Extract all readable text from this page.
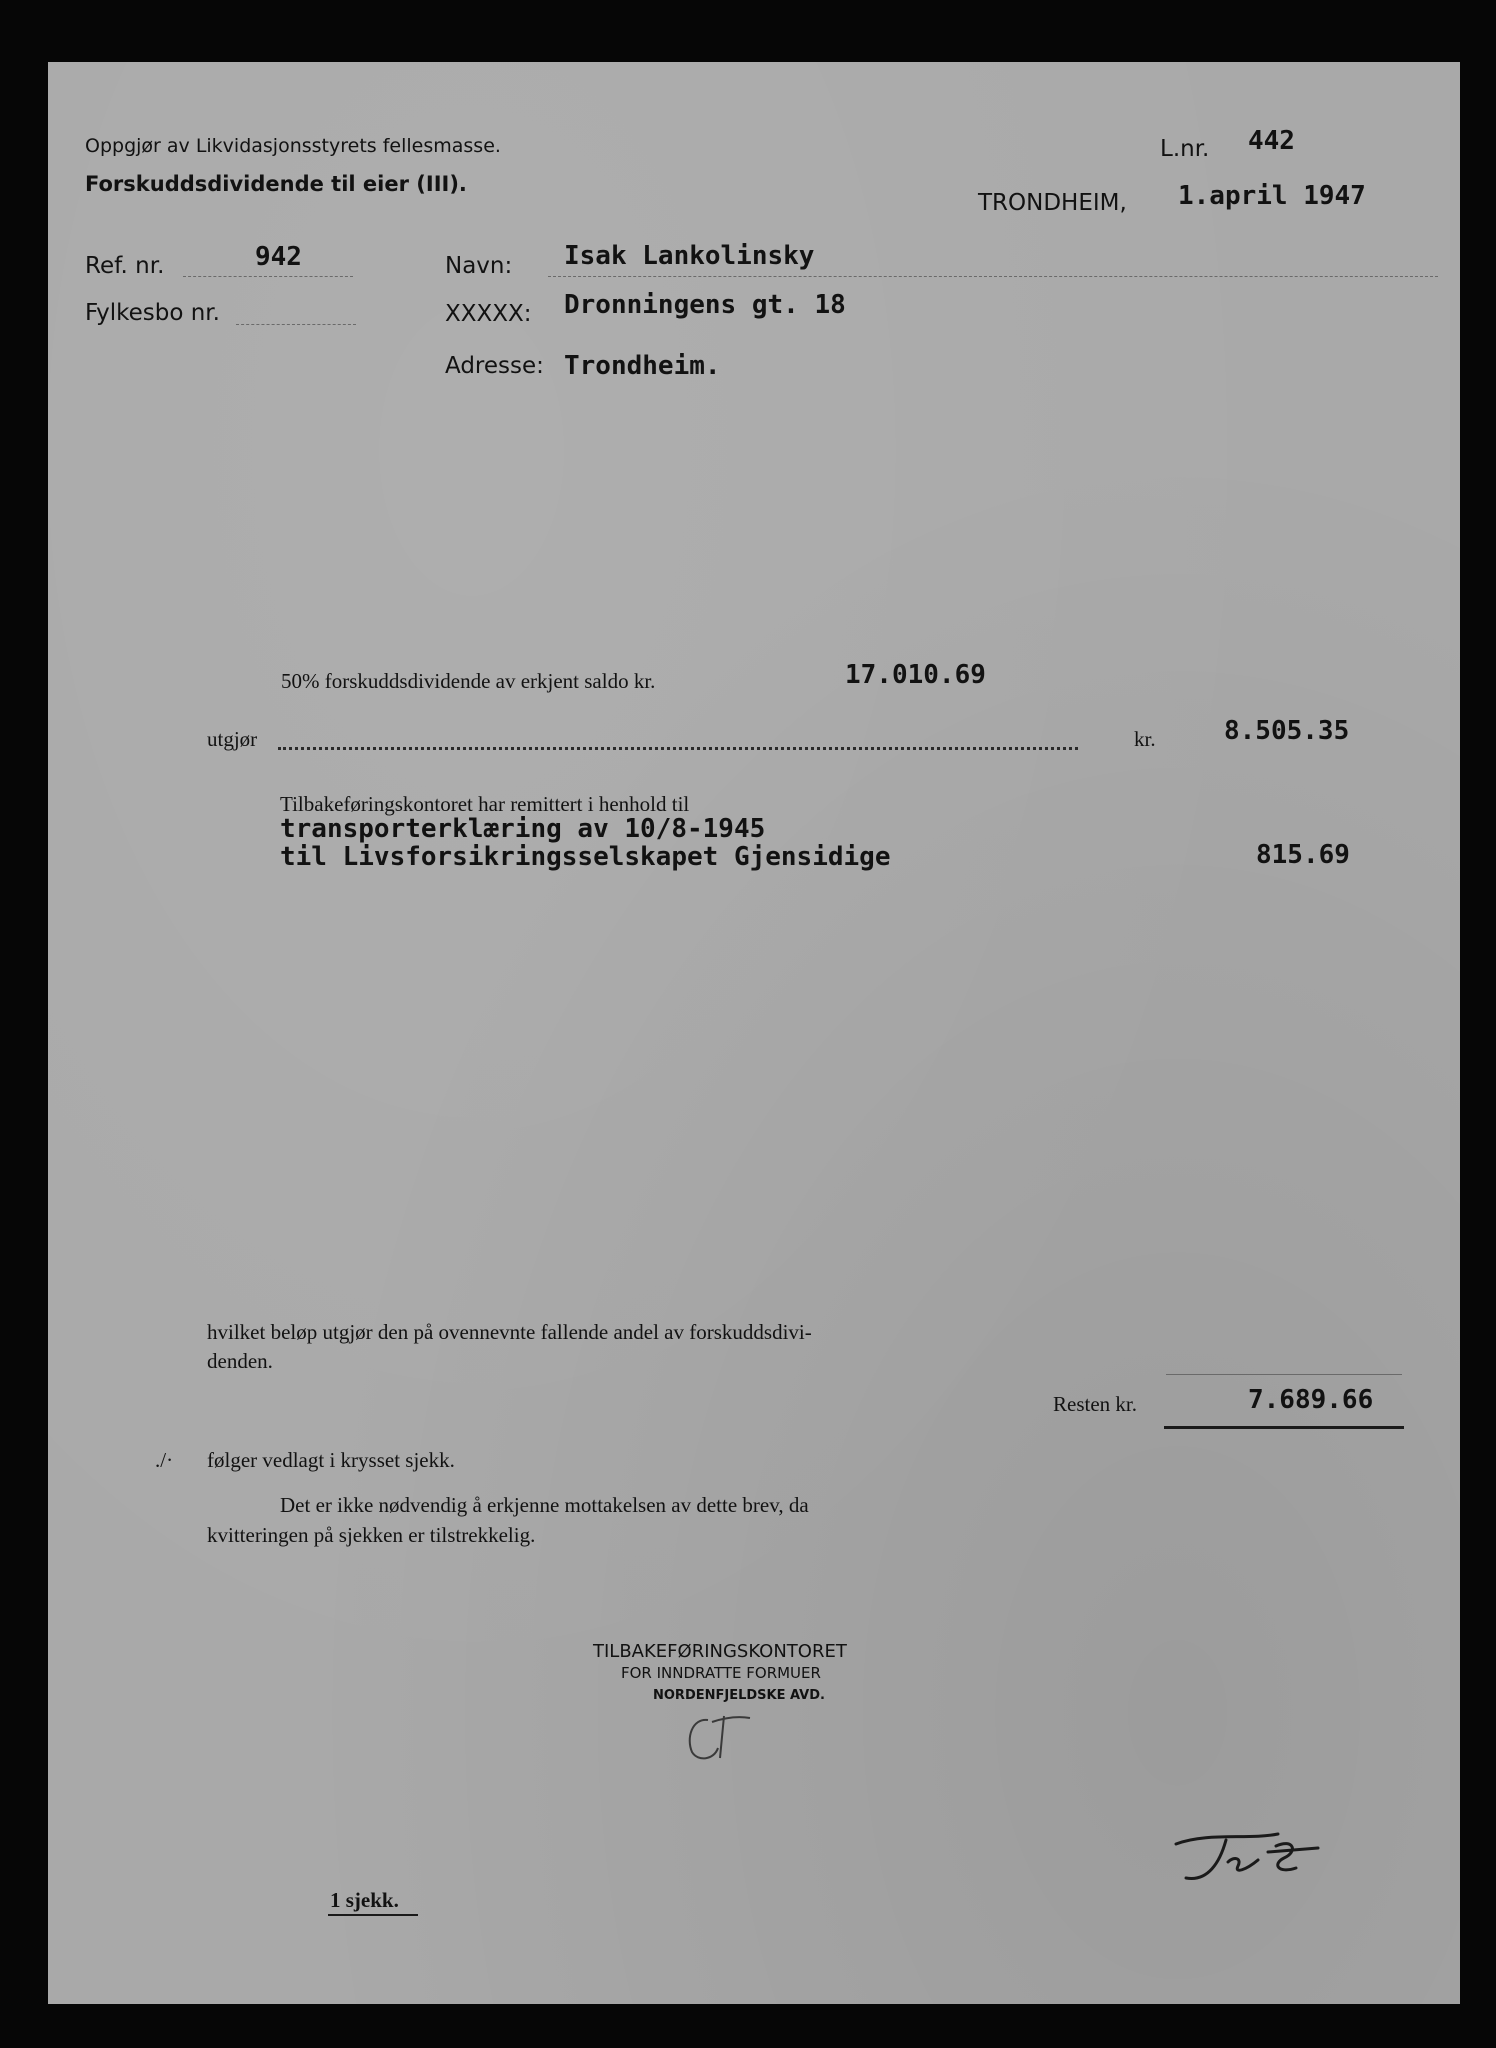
Oppgjør av Likvidasjonsstyrets fellesmasse.
Forskuddsdividende til eier (III).
L.nr. 442
TRONDHEIM, 1.april 1947
Ref. nr.	942
Fylkesbo nr.
Navn: Isak Lankolinsky
XXXXX: Dronningens gt. 18
Adresse: Trondheim.
50% forskuddsdividende av erkjent saldo kr.	17.010.69
utgjør	kr.	8.505.35
Tilbakeføringskontoret har remittert i henhold til
transporterklæring av 10/8-1945
til Livsforsikringsselskapet Gjensidige	815.69
hvilket beløp utgjør den på ovennevnte fallende andel av forskuddsdivi-
denden.
Resten kr.	7.689.66
./· følger vedlagt i krysset sjekk.
Det er ikke nødvendig å erkjenne mottakelsen av dette brev, da
kvitteringen på sjekken er tilstrekkelig.
TILBAKEFØRINGSKONTORET
FOR INNDRATTE FORMUER
NORDENFJELDSKE AVD.
1 sjekk.
